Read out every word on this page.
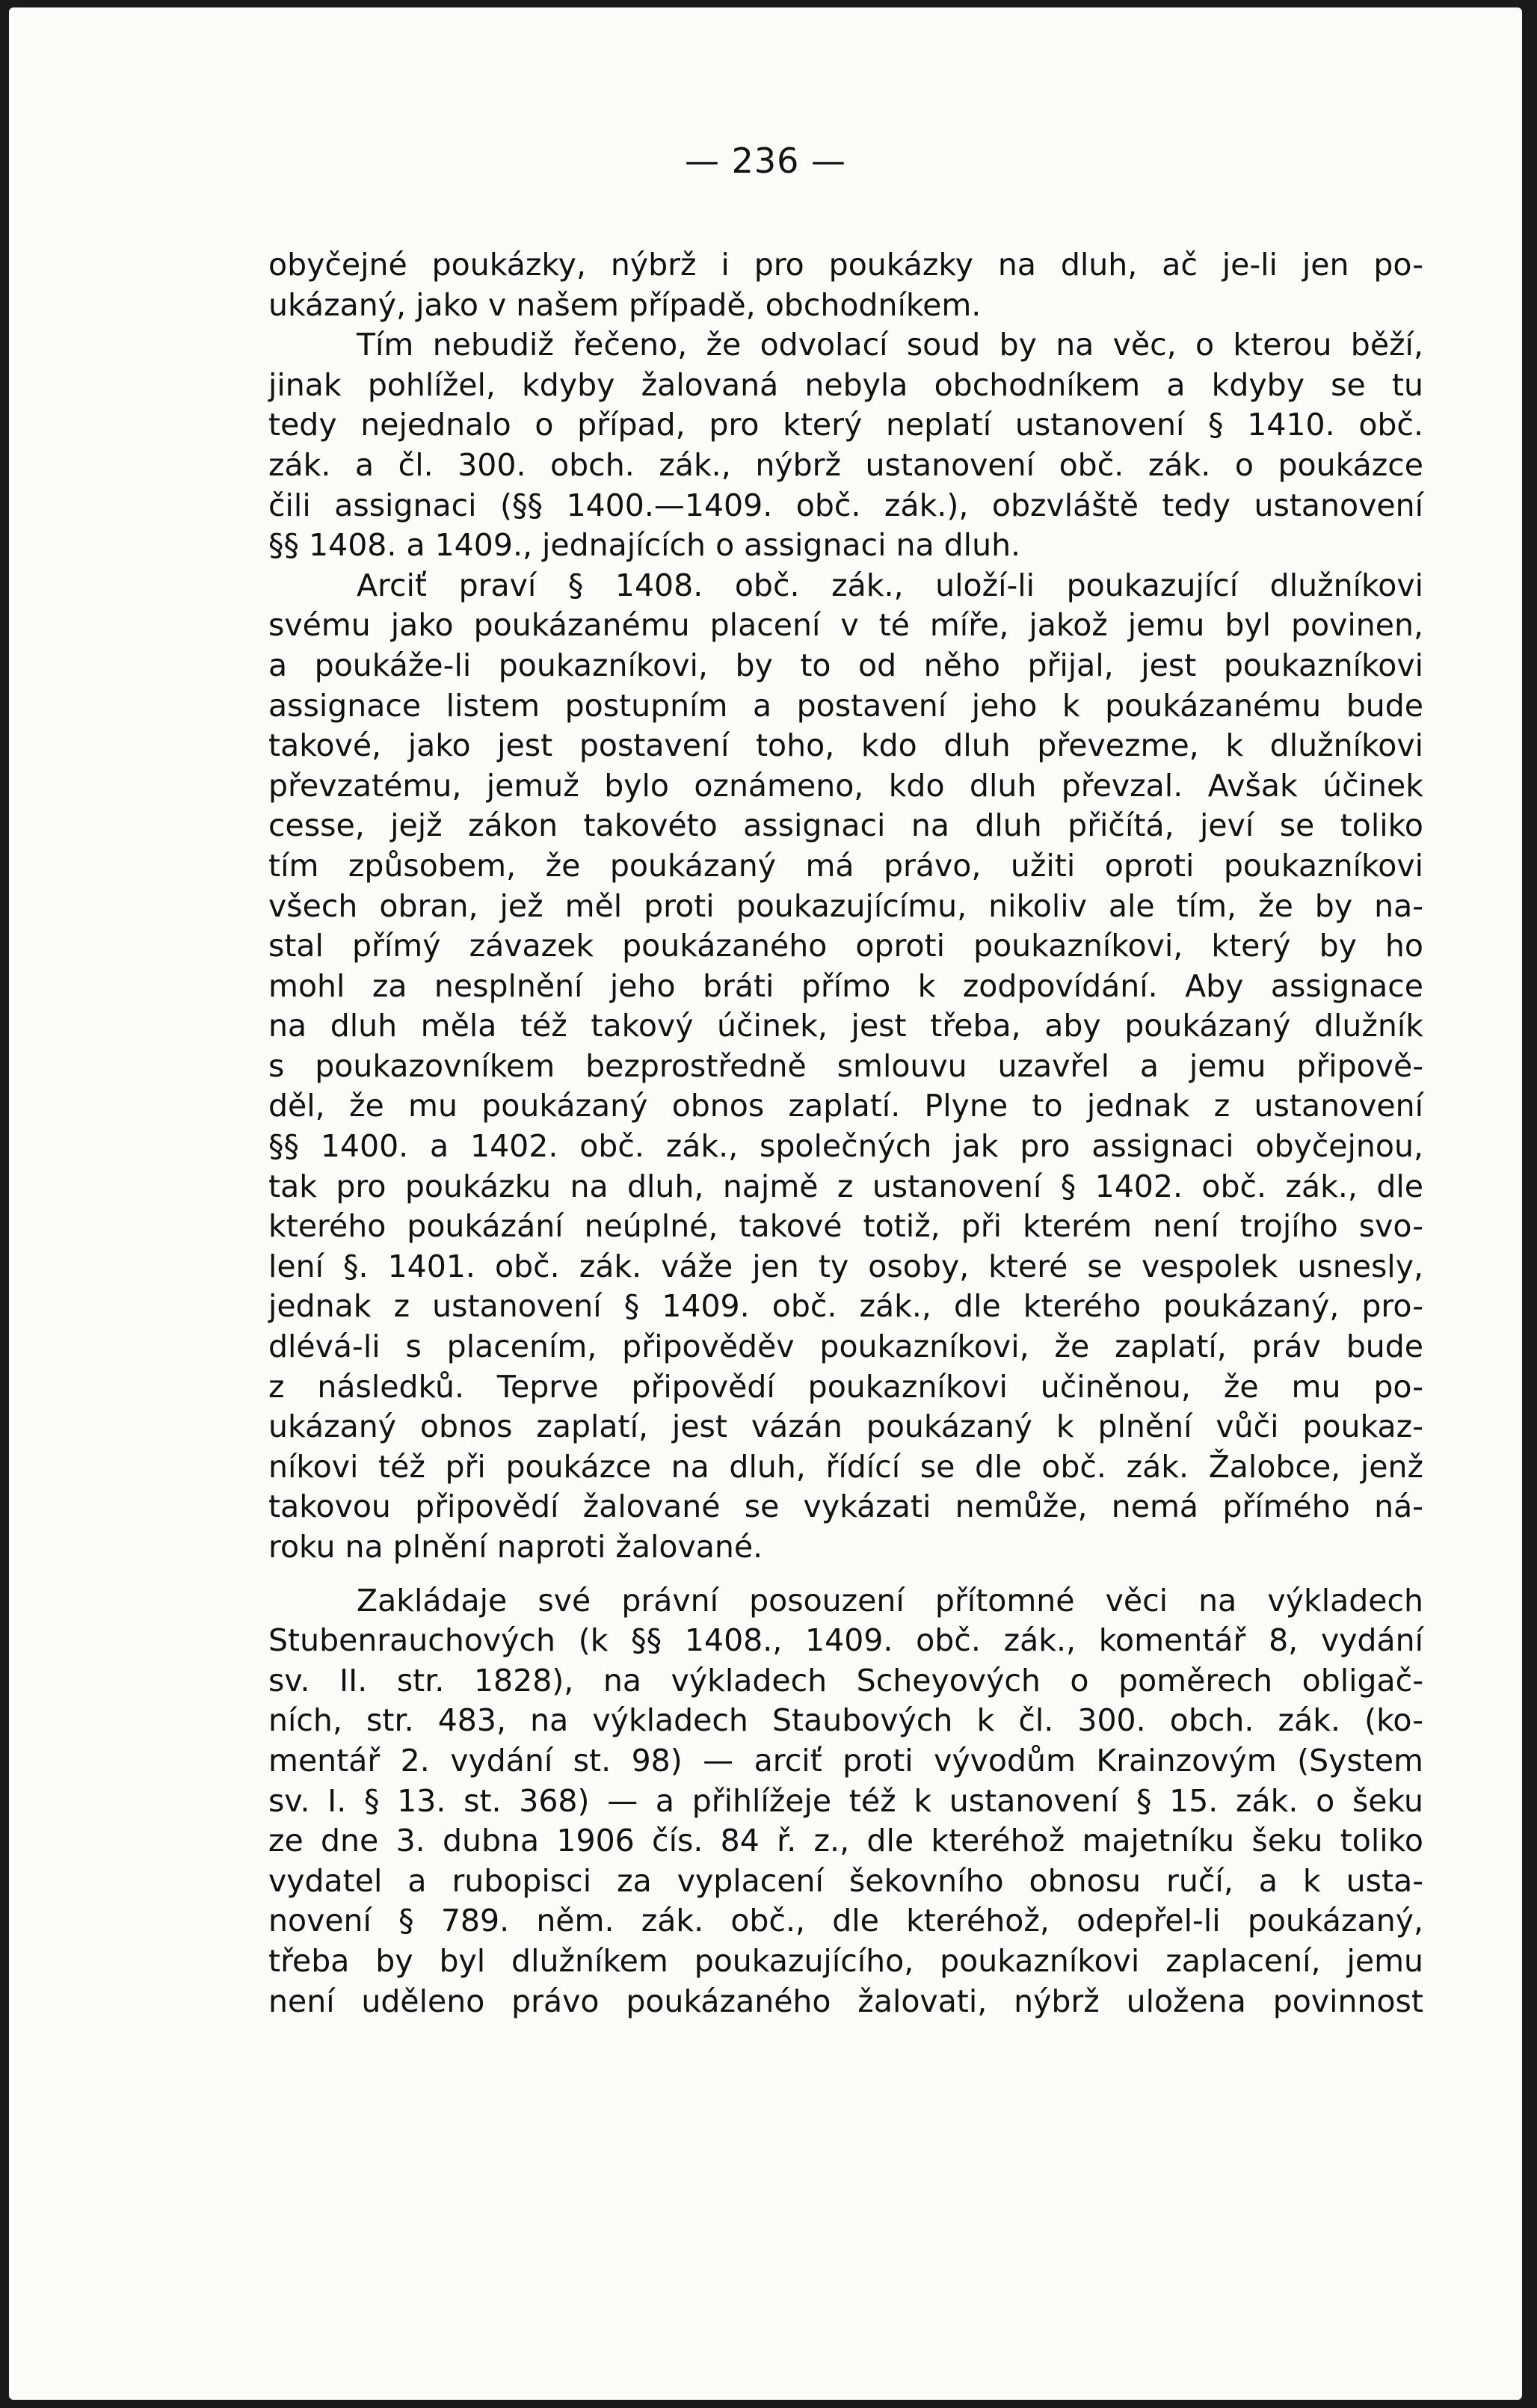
— 236 —

obyčejné poukázky, nýbrž i pro poukázky na dluh, ač je-li jen po-
ukázaný, jako v našem případě, obchodníkem.

Tím nebudiž řečeno, že odvolací soud by na věc, o kterou běží,
jinak pohlížel, kdyby žalovaná nebyla obchodníkem a kdyby se tu
tedy nejednalo o případ, pro který neplatí ustanovení § 1410. obč.
zák. a čl. 300. obch. zák., nýbrž ustanovení obč. zák. o poukázce
čili assignaci (§§ 1400.—1409. obč. zák.), obzvláště tedy ustanovení
§§ 1408. a 1409., jednajících o assignaci na dluh.

Arciť praví § 1408. obč. zák., uloží-li poukazující dlužníkovi
svému jako poukázanému placení v té míře, jakož jemu byl povinen,
a poukáže-li poukazníkovi, by to od něho přijal, jest poukazníkovi
assignace listem postupním a postavení jeho k poukázanému bude
takové, jako jest postavení toho, kdo dluh převezme, k dlužníkovi
převzatému, jemuž bylo oznámeno, kdo dluh převzal. Avšak účinek
cesse, jejž zákon takovéto assignaci na dluh přičítá, jeví se toliko
tím způsobem, že poukázaný má právo, užiti oproti poukazníkovi
všech obran, jež měl proti poukazujícímu, nikoliv ale tím, že by na-
stal přímý závazek poukázaného oproti poukazníkovi, který by ho
mohl za nesplnění jeho bráti přímo k zodpovídání. Aby assignace
na dluh měla též takový účinek, jest třeba, aby poukázaný dlužník
s poukazovníkem bezprostředně smlouvu uzavřel a jemu připově-
děl, že mu poukázaný obnos zaplatí. Plyne to jednak z ustanovení
§§ 1400. a 1402. obč. zák., společných jak pro assignaci obyčejnou,
tak pro poukázku na dluh, najmě z ustanovení § 1402. obč. zák., dle
kterého poukázání neúplné, takové totiž, při kterém není trojího svo-
lení §. 1401. obč. zák. váže jen ty osoby, které se vespolek usnesly,
jednak z ustanovení § 1409. obč. zák., dle kterého poukázaný, pro-
dlévá-li s placením, připověděv poukazníkovi, že zaplatí, práv bude
z následků. Teprve připovědí poukazníkovi učiněnou, že mu po-
ukázaný obnos zaplatí, jest vázán poukázaný k plnění vůči poukaz-
níkovi též při poukázce na dluh, řídící se dle obč. zák. Žalobce, jenž
takovou připovědí žalované se vykázati nemůže, nemá přímého ná-
roku na plnění naproti žalované.

Zakládaje své právní posouzení přítomné věci na výkladech
Stubenrauchových (k §§ 1408., 1409. obč. zák., komentář 8, vydání
sv. II. str. 1828), na výkladech Scheyových o poměrech obligač-
ních, str. 483, na výkladech Staubových k čl. 300. obch. zák. (ko-
mentář 2. vydání st. 98) — arciť proti vývodům Krainzovým (System
sv. I. § 13. st. 368) — a přihlížeje též k ustanovení § 15. zák. o šeku
ze dne 3. dubna 1906 čís. 84 ř. z., dle kteréhož majetníku šeku toliko
vydatel a rubopisci za vyplacení šekovního obnosu ručí, a k usta-
novení § 789. něm. zák. obč., dle kteréhož, odepřel-li poukázaný,
třeba by byl dlužníkem poukazujícího, poukazníkovi zaplacení, jemu
není uděleno právo poukázaného žalovati, nýbrž uložena povinnost
